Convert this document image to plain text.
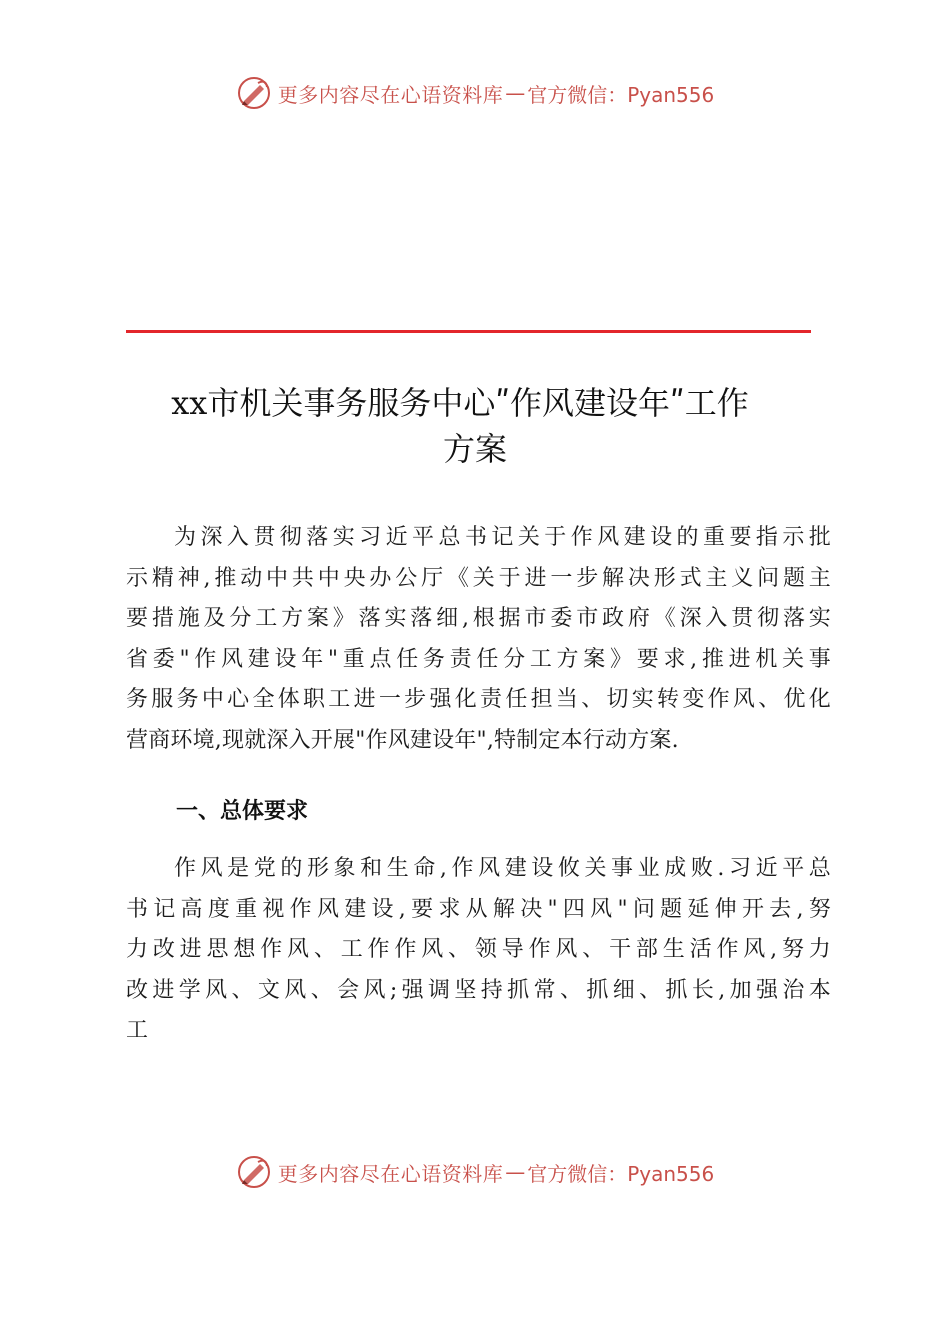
更多内容尽在心语资料库 — 官方微信：Pyan556
xx市机关事务服务中心ʺ作风建设年ʺ工作
方案
为深入贯彻落实习近平总书记关于作风建设的重要指示批
示精神,推动中共中央办公厅《关于进一步解决形式主义问题主
要措施及分工方案》落实落细,根据市委市政府《深入贯彻落实
省委"作风建设年"重点任务责任分工方案》要求,推进机关事
务服务中心全体职工进一步强化责任担当、切实转变作风、优化
营商环境,现就深入开展"作风建设年",特制定本行动方案.
一、总体要求
作风是党的形象和生命,作风建设攸关事业成败.习近平总
书记高度重视作风建设,要求从解决"四风"问题延伸开去,努
力改进思想作风、工作作风、领导作风、干部生活作风,努力
改进学风、文风、会风;强调坚持抓常、抓细、抓长,加强治本
工
更多内容尽在心语资料库 — 官方微信：Pyan556
